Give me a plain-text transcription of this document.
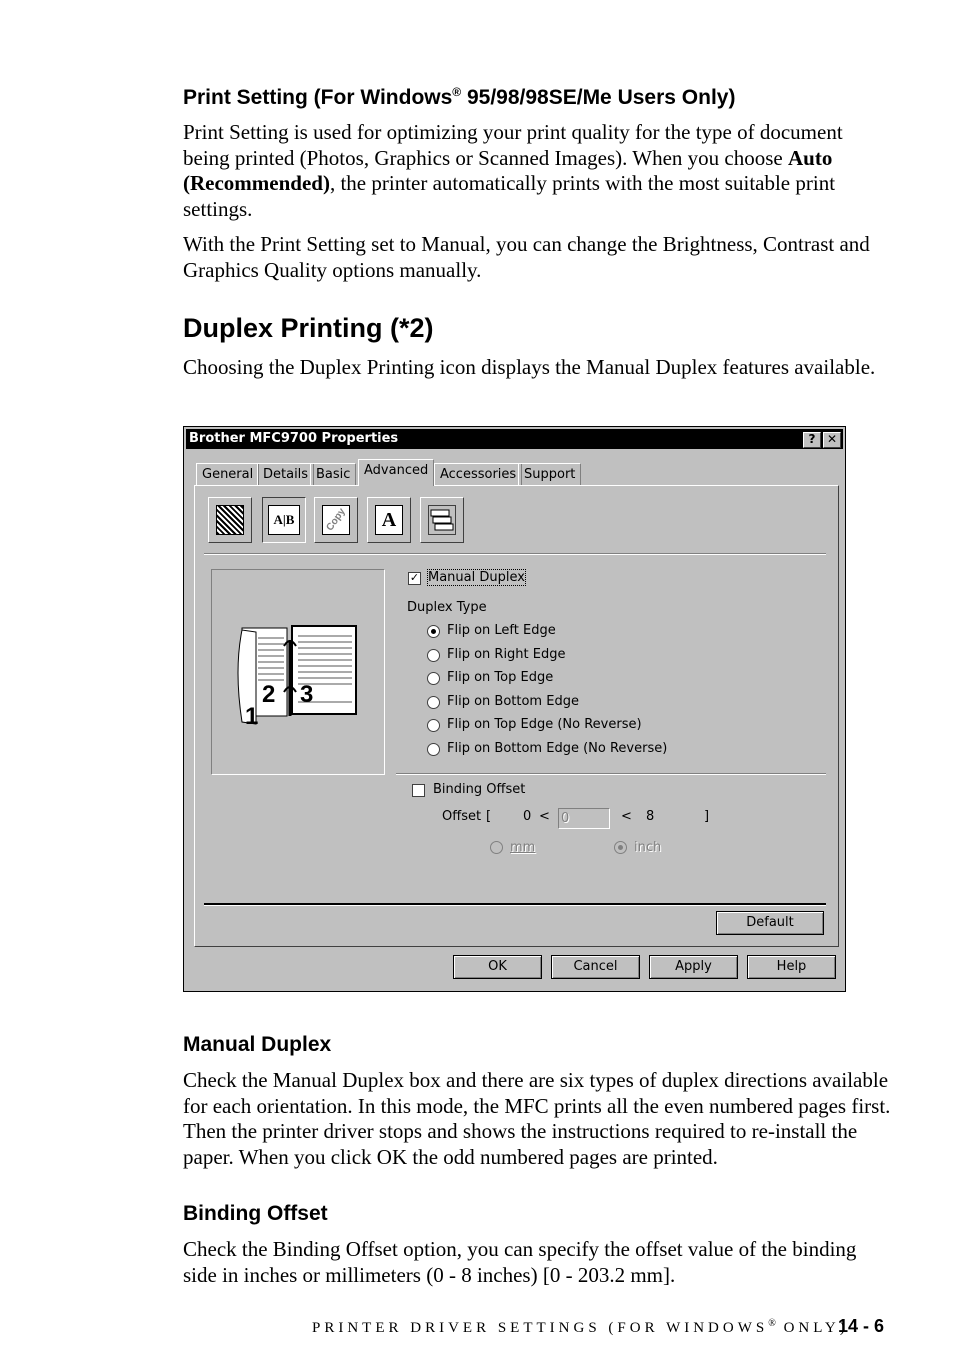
Print Setting (For Windows® 95/98/98SE/Me Users Only)
Print Setting is used for optimizing your print quality for the type of document being printed (Photos, Graphics or Scanned Images). When you choose Auto (Recommended), the printer automatically prints with the most suitable print settings.
With the Print Setting set to Manual, you can change the Brightness, Contrast and Graphics Quality options manually.
Duplex Printing (*2)
Choosing the Duplex Printing icon displays the Manual Duplex features available.
Brother MFC9700 Properties	? ✕
General Details Basic	Advanced Accessories Support
A|B	Copy	A
1
2 3
✓ Manual Duplex
Duplex Type
Flip on Left Edge
Flip on Right Edge
Flip on Top Edge
Flip on Bottom Edge
Flip on Top Edge (No Reverse)
Flip on Bottom Edge (No Reverse)
Binding Offset
Offset [ 0 < 0	< 8	]
mm	inch
Default
OK	Cancel	Apply	Help
Manual Duplex
Check the Manual Duplex box and there are six types of duplex directions available for each orientation. In this mode, the MFC prints all the even numbered pages first. Then the printer driver stops and shows the instructions required to re-install the paper. When you click OK the odd numbered pages are printed.
Binding Offset
Check the Binding Offset option, you can specify the offset value of the binding side in inches or millimeters (0 - 8 inches) [0 - 203.2 mm].
PRINTER DRIVER SETTINGS (FOR WINDOWS® ONLY)
14 - 6
